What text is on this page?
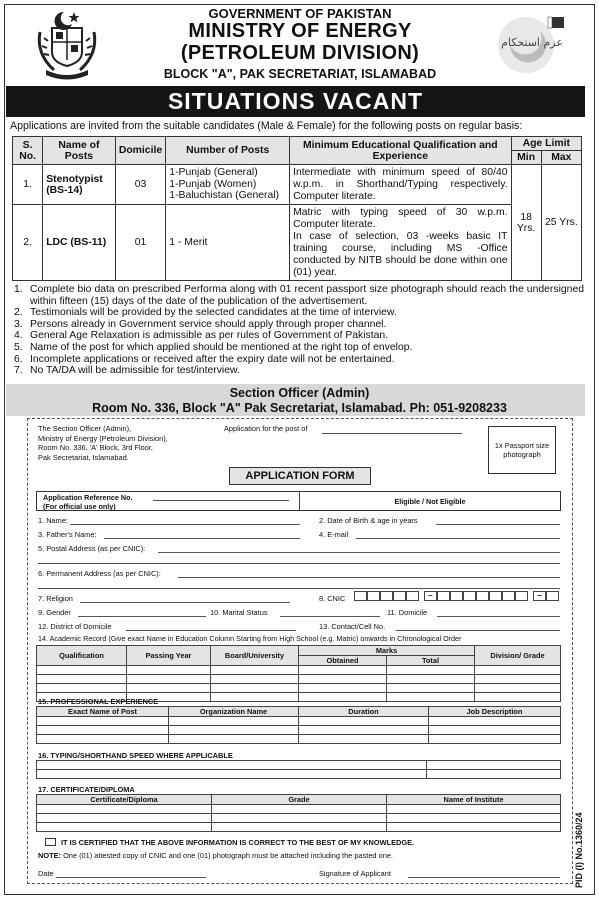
عزم استحکام
GOVERNMENT OF PAKISTAN
MINISTRY OF ENERGY
(PETROLEUM DIVISION)
BLOCK "A", PAK SECRETARIAT, ISLAMABAD
SITUATIONS VACANT
Applications are invited from the suitable candidates (Male & Female) for the following posts on regular basis:
S. No.	Name of Posts	Domicile	Number of Posts	Minimum Educational Qualification and Experience	Age Limit	
					Min	Max
1.	Stenotypist (BS-14)	03	1-Punjab (General)
1-Punjab (Women)
1-Baluchistan (General)	Intermediate with minimum speed of 80/40 w.p.m. in Shorthand/Typing respectively. Computer literate.	18 Yrs.	25 Yrs.
2.	LDC (BS-11)	01	1 - Merit	Matric with typing speed of 30 w.p.m. Computer literate.
In case of selection, 03 -weeks basic IT training course, including MS -Office conducted by NITB should be done within one (01) year.		
1. Complete bio data on prescribed Performa along with 01 recent passport size photograph should reach the undersigned within fifteen (15) days of the date of the publication of the advertisement.
2. Testimonials will be provided by the selected candidates at the time of interview.
3. Persons already in Government service should apply through proper channel.
4. General Age Relaxation is admissible as per rules of Government of Pakistan.
5. Name of the post for which applied should be mentioned at the right top of envelop.
6. Incomplete applications or received after the expiry date will not be entertained.
7. No TA/DA will be admissible for test/interview.
Section Officer (Admin)
Room No. 336, Block "A" Pak Secretariat, Islamabad. Ph: 051-9208233
The Section Officer (Admin),
Ministry of Energy (Petroleum Division),
Room No. 336, 'A' Block, 3rd Floor,
Pak Secretariat, Islamabad.
Application for the post of
1x Passport size photograph
APPLICATION FORM
Application Reference No.
(For official use only)
Eligible / Not Eligible
1. Name:	2. Date of Birth & age in years
3. Father's Name:	4. E-mail
5. Postal Address (as per CNIC):
6. Permanent Address (as per CNIC):
7. Religion	8. CNIC	–	–
9. Gender	10. Marital Status	11. Domicile
12. District of Domicile	13. Contact/Cell No.
14. Academic Record (Give exact Name in Education Column Starting from High School (e.g. Matric) onwards in Chronological Order
Qualification	Passing Year	Board/University	Marks		Division/ Grade
			Obtained	Total	

15. PROFESSIONAL EXPERIENCE
Exact Name of Post	Organization Name	Duration	Job Description

16. TYPING/SHORTHAND SPEED WHERE APPLICABLE

17. CERTIFICATE/DIPLOMA
Certificate/Diploma	Grade	Name of Institute

IT IS CERTIFIED THAT THE ABOVE INFORMATION IS CORRECT TO THE BEST OF MY KNOWLEDGE.
NOTE: One (01) attested copy of CNIC and one (01) photograph must be attached including the pasted one.
Date	Signature of Applicant	PID (I) No.1360/24
